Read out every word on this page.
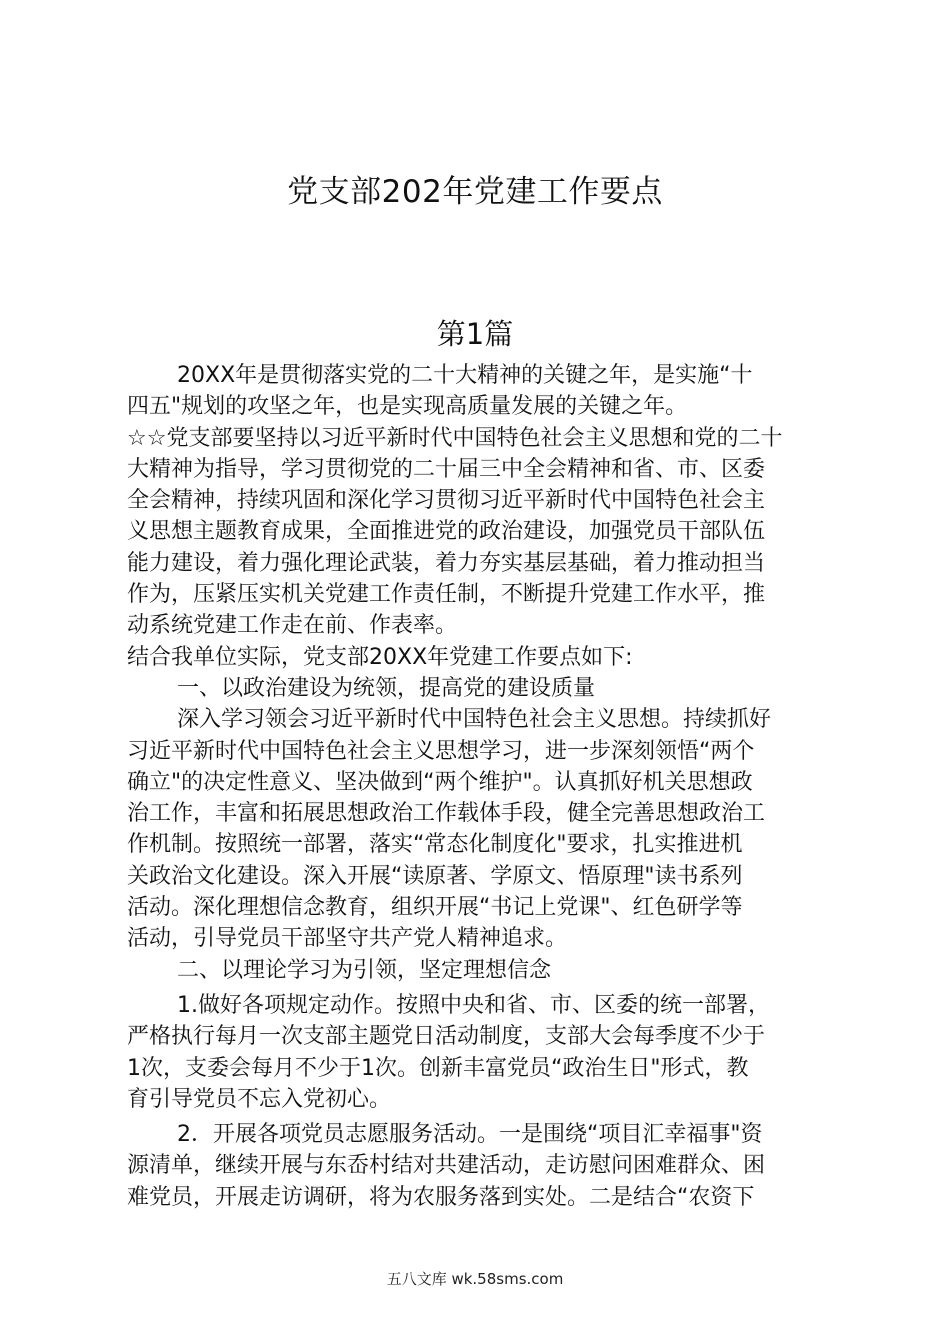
党支部202年党建工作要点
第1篇
20XX年是贯彻落实党的二十大精神的关键之年，是实施“十
四五"规划的攻坚之年，也是实现高质量发展的关键之年。
☆☆党支部要坚持以习近平新时代中国特色社会主义思想和党的二十
大精神为指导，学习贯彻党的二十届三中全会精神和省、市、区委
全会精神，持续巩固和深化学习贯彻习近平新时代中国特色社会主
义思想主题教育成果，全面推进党的政治建设，加强党员干部队伍
能力建设，着力强化理论武装，着力夯实基层基础，着力推动担当
作为，压紧压实机关党建工作责任制，不断提升党建工作水平，推
动系统党建工作走在前、作表率。
结合我单位实际，党支部20XX年党建工作要点如下:
一、以政治建设为统领，提高党的建设质量
深入学习领会习近平新时代中国特色社会主义思想。持续抓好
习近平新时代中国特色社会主义思想学习，进一步深刻领悟“两个
确立"的决定性意义、坚决做到“两个维护"。认真抓好机关思想政
治工作，丰富和拓展思想政治工作载体手段，健全完善思想政治工
作机制。按照统一部署，落实“常态化制度化"要求，扎实推进机
关政治文化建设。深入开展“读原著、学原文、悟原理"读书系列
活动。深化理想信念教育，组织开展“书记上党课"、红色研学等
活动，引导党员干部坚守共产党人精神追求。
二、以理论学习为引领，坚定理想信念
1.做好各项规定动作。按照中央和省、市、区委的统一部署，
严格执行每月一次支部主题党日活动制度，支部大会每季度不少于
1次，支委会每月不少于1次。创新丰富党员“政治生日"形式，教
育引导党员不忘入党初心。
2．开展各项党员志愿服务活动。一是围绕“项目汇幸福事"资
源清单，继续开展与东岙村结对共建活动，走访慰问困难群众、困
难党员，开展走访调研，将为农服务落到实处。二是结合“农资下
五八文库 wk.58sms.com
